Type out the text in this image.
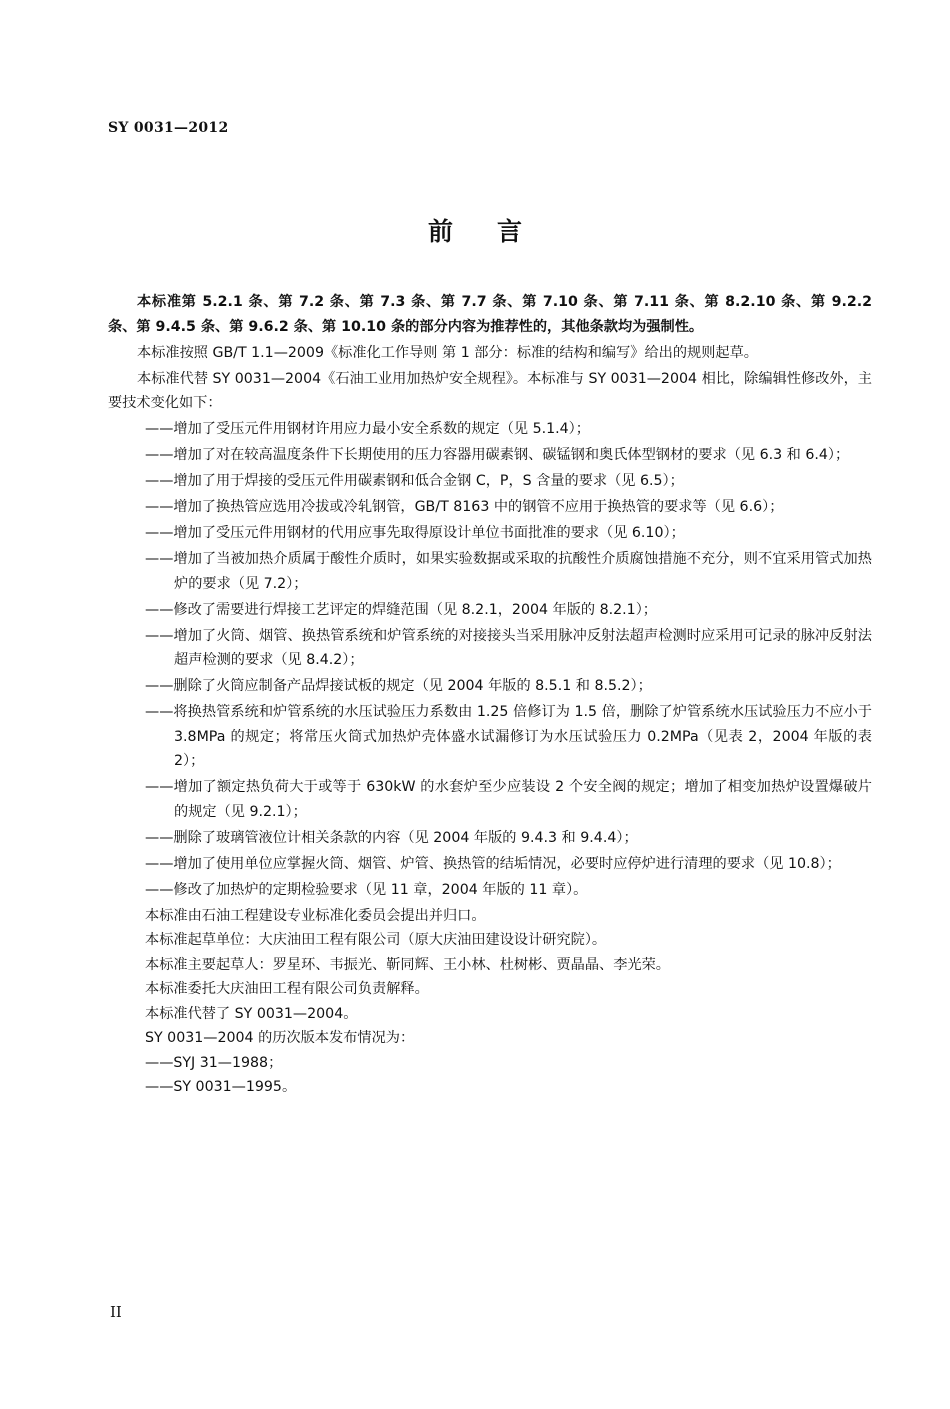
SY 0031—2012
前言
本标准第 5.2.1 条、第 7.2 条、第 7.3 条、第 7.7 条、第 7.10 条、第 7.11 条、第 8.2.10 条、第 9.2.2 条、第 9.4.5 条、第 9.6.2 条、第 10.10 条的部分内容为推荐性的，其他条款均为强制性。
本标准按照 GB/T 1.1—2009《标准化工作导则 第 1 部分：标准的结构和编写》给出的规则起草。
本标准代替 SY 0031—2004《石油工业用加热炉安全规程》。本标准与 SY 0031—2004 相比，除编辑性修改外，主要技术变化如下：
——增加了受压元件用钢材许用应力最小安全系数的规定（见 5.1.4）；
——增加了对在较高温度条件下长期使用的压力容器用碳素钢、碳锰钢和奥氏体型钢材的要求（见 6.3 和 6.4）；
——增加了用于焊接的受压元件用碳素钢和低合金钢 C，P，S 含量的要求（见 6.5）；
——增加了换热管应选用冷拔或冷轧钢管，GB/T 8163 中的钢管不应用于换热管的要求等（见 6.6）；
——增加了受压元件用钢材的代用应事先取得原设计单位书面批准的要求（见 6.10）；
——增加了当被加热介质属于酸性介质时，如果实验数据或采取的抗酸性介质腐蚀措施不充分，则不宜采用管式加热炉的要求（见 7.2）；
——修改了需要进行焊接工艺评定的焊缝范围（见 8.2.1，2004 年版的 8.2.1）；
——增加了火筒、烟管、换热管系统和炉管系统的对接接头当采用脉冲反射法超声检测时应采用可记录的脉冲反射法超声检测的要求（见 8.4.2）；
——删除了火筒应制备产品焊接试板的规定（见 2004 年版的 8.5.1 和 8.5.2）；
——将换热管系统和炉管系统的水压试验压力系数由 1.25 倍修订为 1.5 倍，删除了炉管系统水压试验压力不应小于 3.8MPa 的规定；将常压火筒式加热炉壳体盛水试漏修订为水压试验压力 0.2MPa（见表 2，2004 年版的表 2）；
——增加了额定热负荷大于或等于 630kW 的水套炉至少应装设 2 个安全阀的规定；增加了相变加热炉设置爆破片的规定（见 9.2.1）；
——删除了玻璃管液位计相关条款的内容（见 2004 年版的 9.4.3 和 9.4.4）；
——增加了使用单位应掌握火筒、烟管、炉管、换热管的结垢情况，必要时应停炉进行清理的要求（见 10.8）；
——修改了加热炉的定期检验要求（见 11 章，2004 年版的 11 章）。
本标准由石油工程建设专业标准化委员会提出并归口。
本标准起草单位：大庆油田工程有限公司（原大庆油田建设设计研究院）。
本标准主要起草人：罗星环、韦振光、靳同辉、王小林、杜树彬、贾晶晶、李光荣。
本标准委托大庆油田工程有限公司负责解释。
本标准代替了 SY 0031—2004。
SY 0031—2004 的历次版本发布情况为：
——SYJ 31—1988；
——SY 0031—1995。
II
